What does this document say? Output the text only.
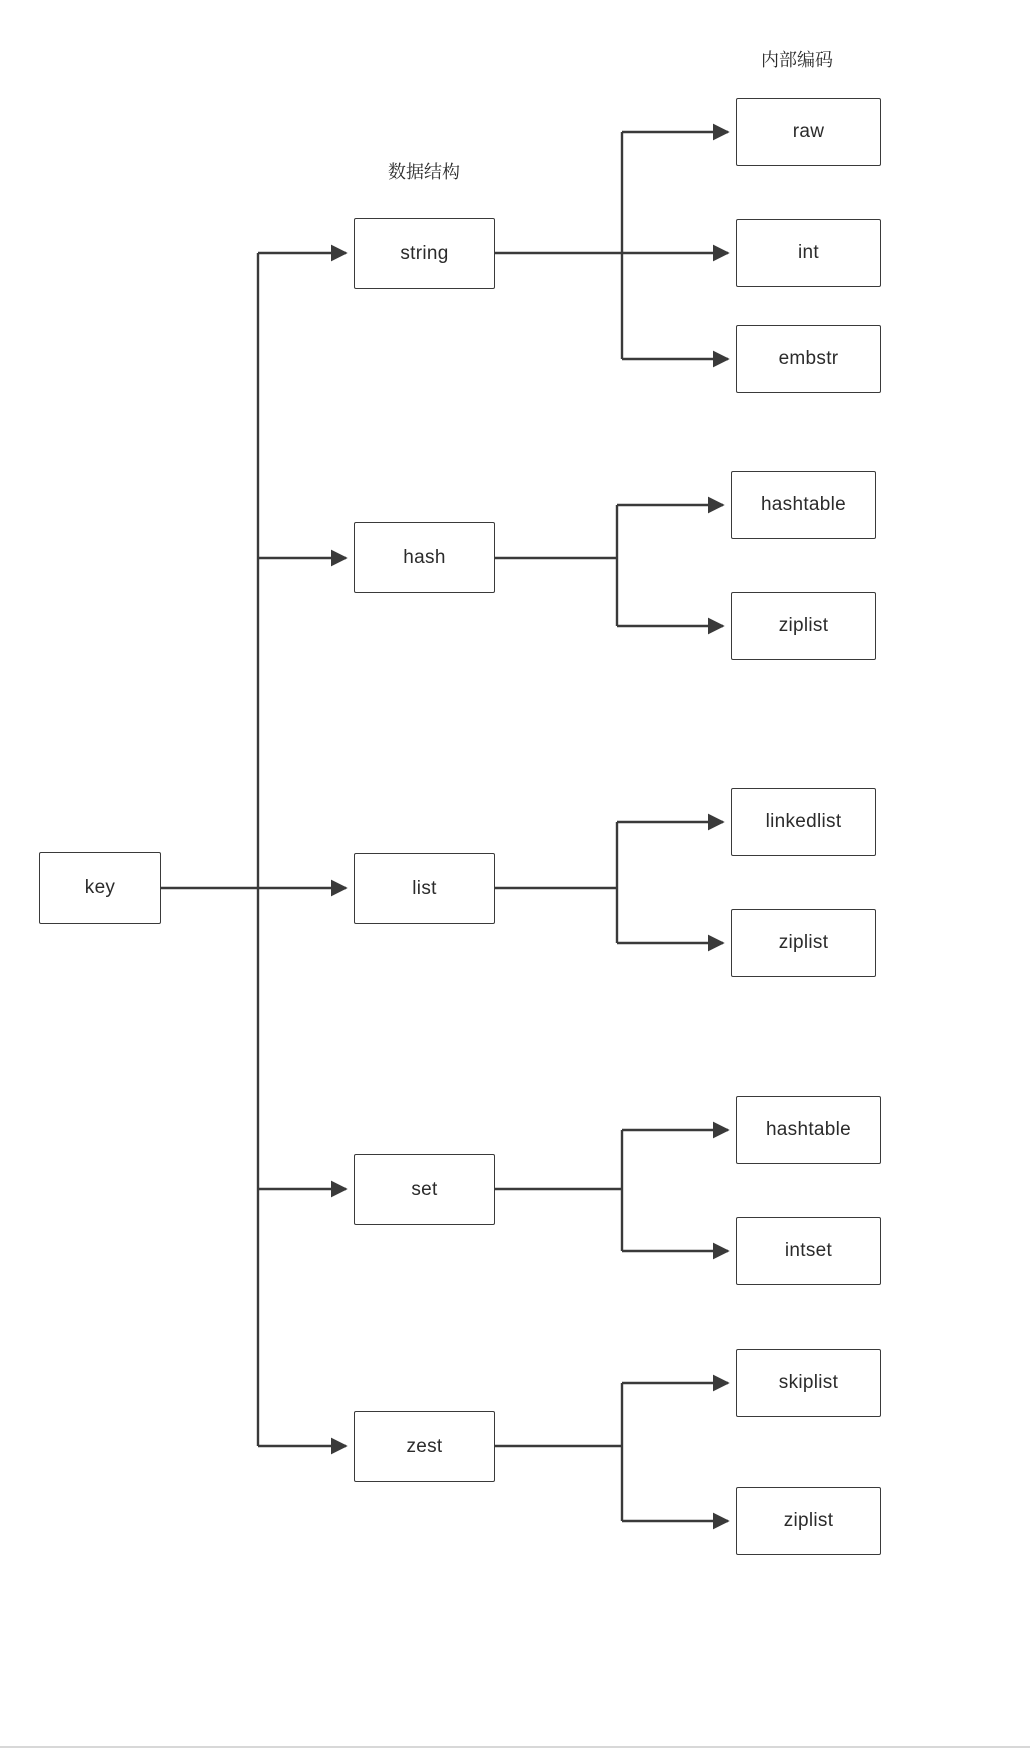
数据结构
内部编码
key
string
hash
list
set
zest
raw
int
embstr
hashtable
ziplist
linkedlist
ziplist
hashtable
intset
skiplist
ziplist
